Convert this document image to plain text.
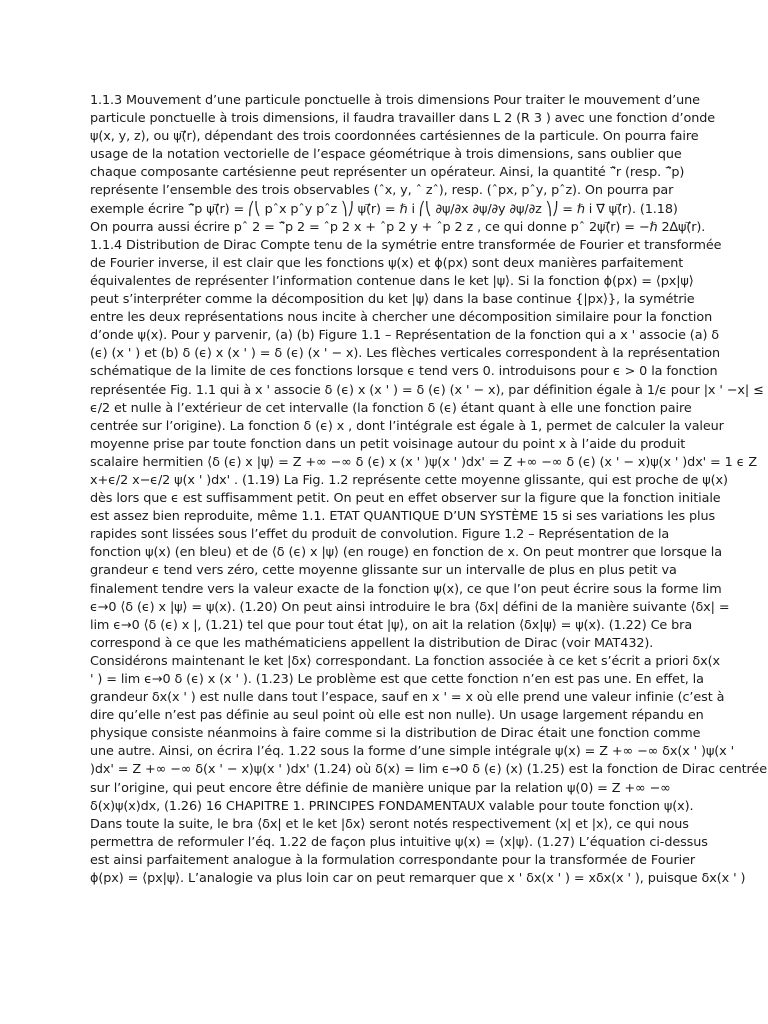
1.1.3 Mouvement d’une particule ponctuelle à trois dimensions Pour traiter le mouvement d’une
particule ponctuelle à trois dimensions, il faudra travailler dans L 2 (R 3 ) avec une fonction d’onde
ψ(x, y, z), ou ψ(⃗r), dépendant des trois coordonnées cartésiennes de la particule. On pourra faire
usage de la notation vectorielle de l’espace géométrique à trois dimensions, sans oublier que
chaque composante cartésienne peut représenter un opérateur. Ainsi, la quantité ˆ⃗r (resp. ˆ⃗p)
représente l’ensemble des trois observables (ˆx, y, ˆ zˆ), resp. (ˆpx, pˆy, pˆz). On pourra par
exemple écrire ˆ⃗p ψ(⃗r) = ⎛⎝ pˆx pˆy pˆz ⎞⎠ ψ(⃗r) = ℏ i ⎛⎝ ∂ψ/∂x ∂ψ/∂y ∂ψ/∂z ⎞⎠ = ℏ i ∇⃗ ψ(⃗r). (1.18)
On pourra aussi écrire pˆ 2 = ˆ⃗p 2 = ˆp 2 x + ˆp 2 y + ˆp 2 z , ce qui donne pˆ 2ψ(⃗r) = −ℏ 2∆ψ(⃗r).
1.1.4 Distribution de Dirac Compte tenu de la symétrie entre transformée de Fourier et transformée
de Fourier inverse, il est clair que les fonctions ψ(x) et ϕ(px) sont deux manières parfaitement
équivalentes de représenter l’information contenue dans le ket |ψ⟩. Si la fonction ϕ(px) = ⟨px|ψ⟩
peut s’interpréter comme la décomposition du ket |ψ⟩ dans la base continue {|px⟩}, la symétrie
entre les deux représentations nous incite à chercher une décomposition similaire pour la fonction
d’onde ψ(x). Pour y parvenir, (a) (b) Figure 1.1 – Représentation de la fonction qui a x ' associe (a) δ
(ϵ) (x ' ) et (b) δ (ϵ) x (x ' ) = δ (ϵ) (x ' − x). Les flèches verticales correspondent à la représentation
schématique de la limite de ces fonctions lorsque ϵ tend vers 0. introduisons pour ϵ > 0 la fonction
représentée Fig. 1.1 qui à x ' associe δ (ϵ) x (x ' ) = δ (ϵ) (x ' − x), par définition égale à 1/ϵ pour |x ' −x| ≤
ϵ/2 et nulle à l’extérieur de cet intervalle (la fonction δ (ϵ) étant quant à elle une fonction paire
centrée sur l’origine). La fonction δ (ϵ) x , dont l’intégrale est égale à 1, permet de calculer la valeur
moyenne prise par toute fonction dans un petit voisinage autour du point x à l’aide du produit
scalaire hermitien ⟨δ (ϵ) x |ψ⟩ = Z +∞ −∞ δ (ϵ) x (x ' )ψ(x ' )dx' = Z +∞ −∞ δ (ϵ) (x ' − x)ψ(x ' )dx' = 1 ϵ Z
x+ϵ/2 x−ϵ/2 ψ(x ' )dx' . (1.19) La Fig. 1.2 représente cette moyenne glissante, qui est proche de ψ(x)
dès lors que ϵ est suffisamment petit. On peut en effet observer sur la figure que la fonction initiale
est assez bien reproduite, même 1.1. ETAT QUANTIQUE D’UN SYSTÈME 15 si ses variations les plus
rapides sont lissées sous l’effet du produit de convolution. Figure 1.2 – Représentation de la
fonction ψ(x) (en bleu) et de ⟨δ (ϵ) x |ψ⟩ (en rouge) en fonction de x. On peut montrer que lorsque la
grandeur ϵ tend vers zéro, cette moyenne glissante sur un intervalle de plus en plus petit va
finalement tendre vers la valeur exacte de la fonction ψ(x), ce que l’on peut écrire sous la forme lim
ϵ→0 ⟨δ (ϵ) x |ψ⟩ = ψ(x). (1.20) On peut ainsi introduire le bra ⟨δx| défini de la manière suivante ⟨δx| =
lim ϵ→0 ⟨δ (ϵ) x |, (1.21) tel que pour tout état |ψ⟩, on ait la relation ⟨δx|ψ⟩ = ψ(x). (1.22) Ce bra
correspond à ce que les mathématiciens appellent la distribution de Dirac (voir MAT432).
Considérons maintenant le ket |δx⟩ correspondant. La fonction associée à ce ket s’écrit a priori δx(x
' ) = lim ϵ→0 δ (ϵ) x (x ' ). (1.23) Le problème est que cette fonction n’en est pas une. En effet, la
grandeur δx(x ' ) est nulle dans tout l’espace, sauf en x ' = x où elle prend une valeur infinie (c’est à
dire qu’elle n’est pas définie au seul point où elle est non nulle). Un usage largement répandu en
physique consiste néanmoins à faire comme si la distribution de Dirac était une fonction comme
une autre. Ainsi, on écrira l’éq. 1.22 sous la forme d’une simple intégrale ψ(x) = Z +∞ −∞ δx(x ' )ψ(x '
)dx' = Z +∞ −∞ δ(x ' − x)ψ(x ' )dx' (1.24) où δ(x) = lim ϵ→0 δ (ϵ) (x) (1.25) est la fonction de Dirac centrée
sur l’origine, qui peut encore être définie de manière unique par la relation ψ(0) = Z +∞ −∞
δ(x)ψ(x)dx, (1.26) 16 CHAPITRE 1. PRINCIPES FONDAMENTAUX valable pour toute fonction ψ(x).
Dans toute la suite, le bra ⟨δx| et le ket |δx⟩ seront notés respectivement ⟨x| et |x⟩, ce qui nous
permettra de reformuler l’éq. 1.22 de façon plus intuitive ψ(x) = ⟨x|ψ⟩. (1.27) L’équation ci-dessus
est ainsi parfaitement analogue à la formulation correspondante pour la transformée de Fourier
ϕ(px) = ⟨px|ψ⟩. L’analogie va plus loin car on peut remarquer que x ' δx(x ' ) = xδx(x ' ), puisque δx(x ' )
